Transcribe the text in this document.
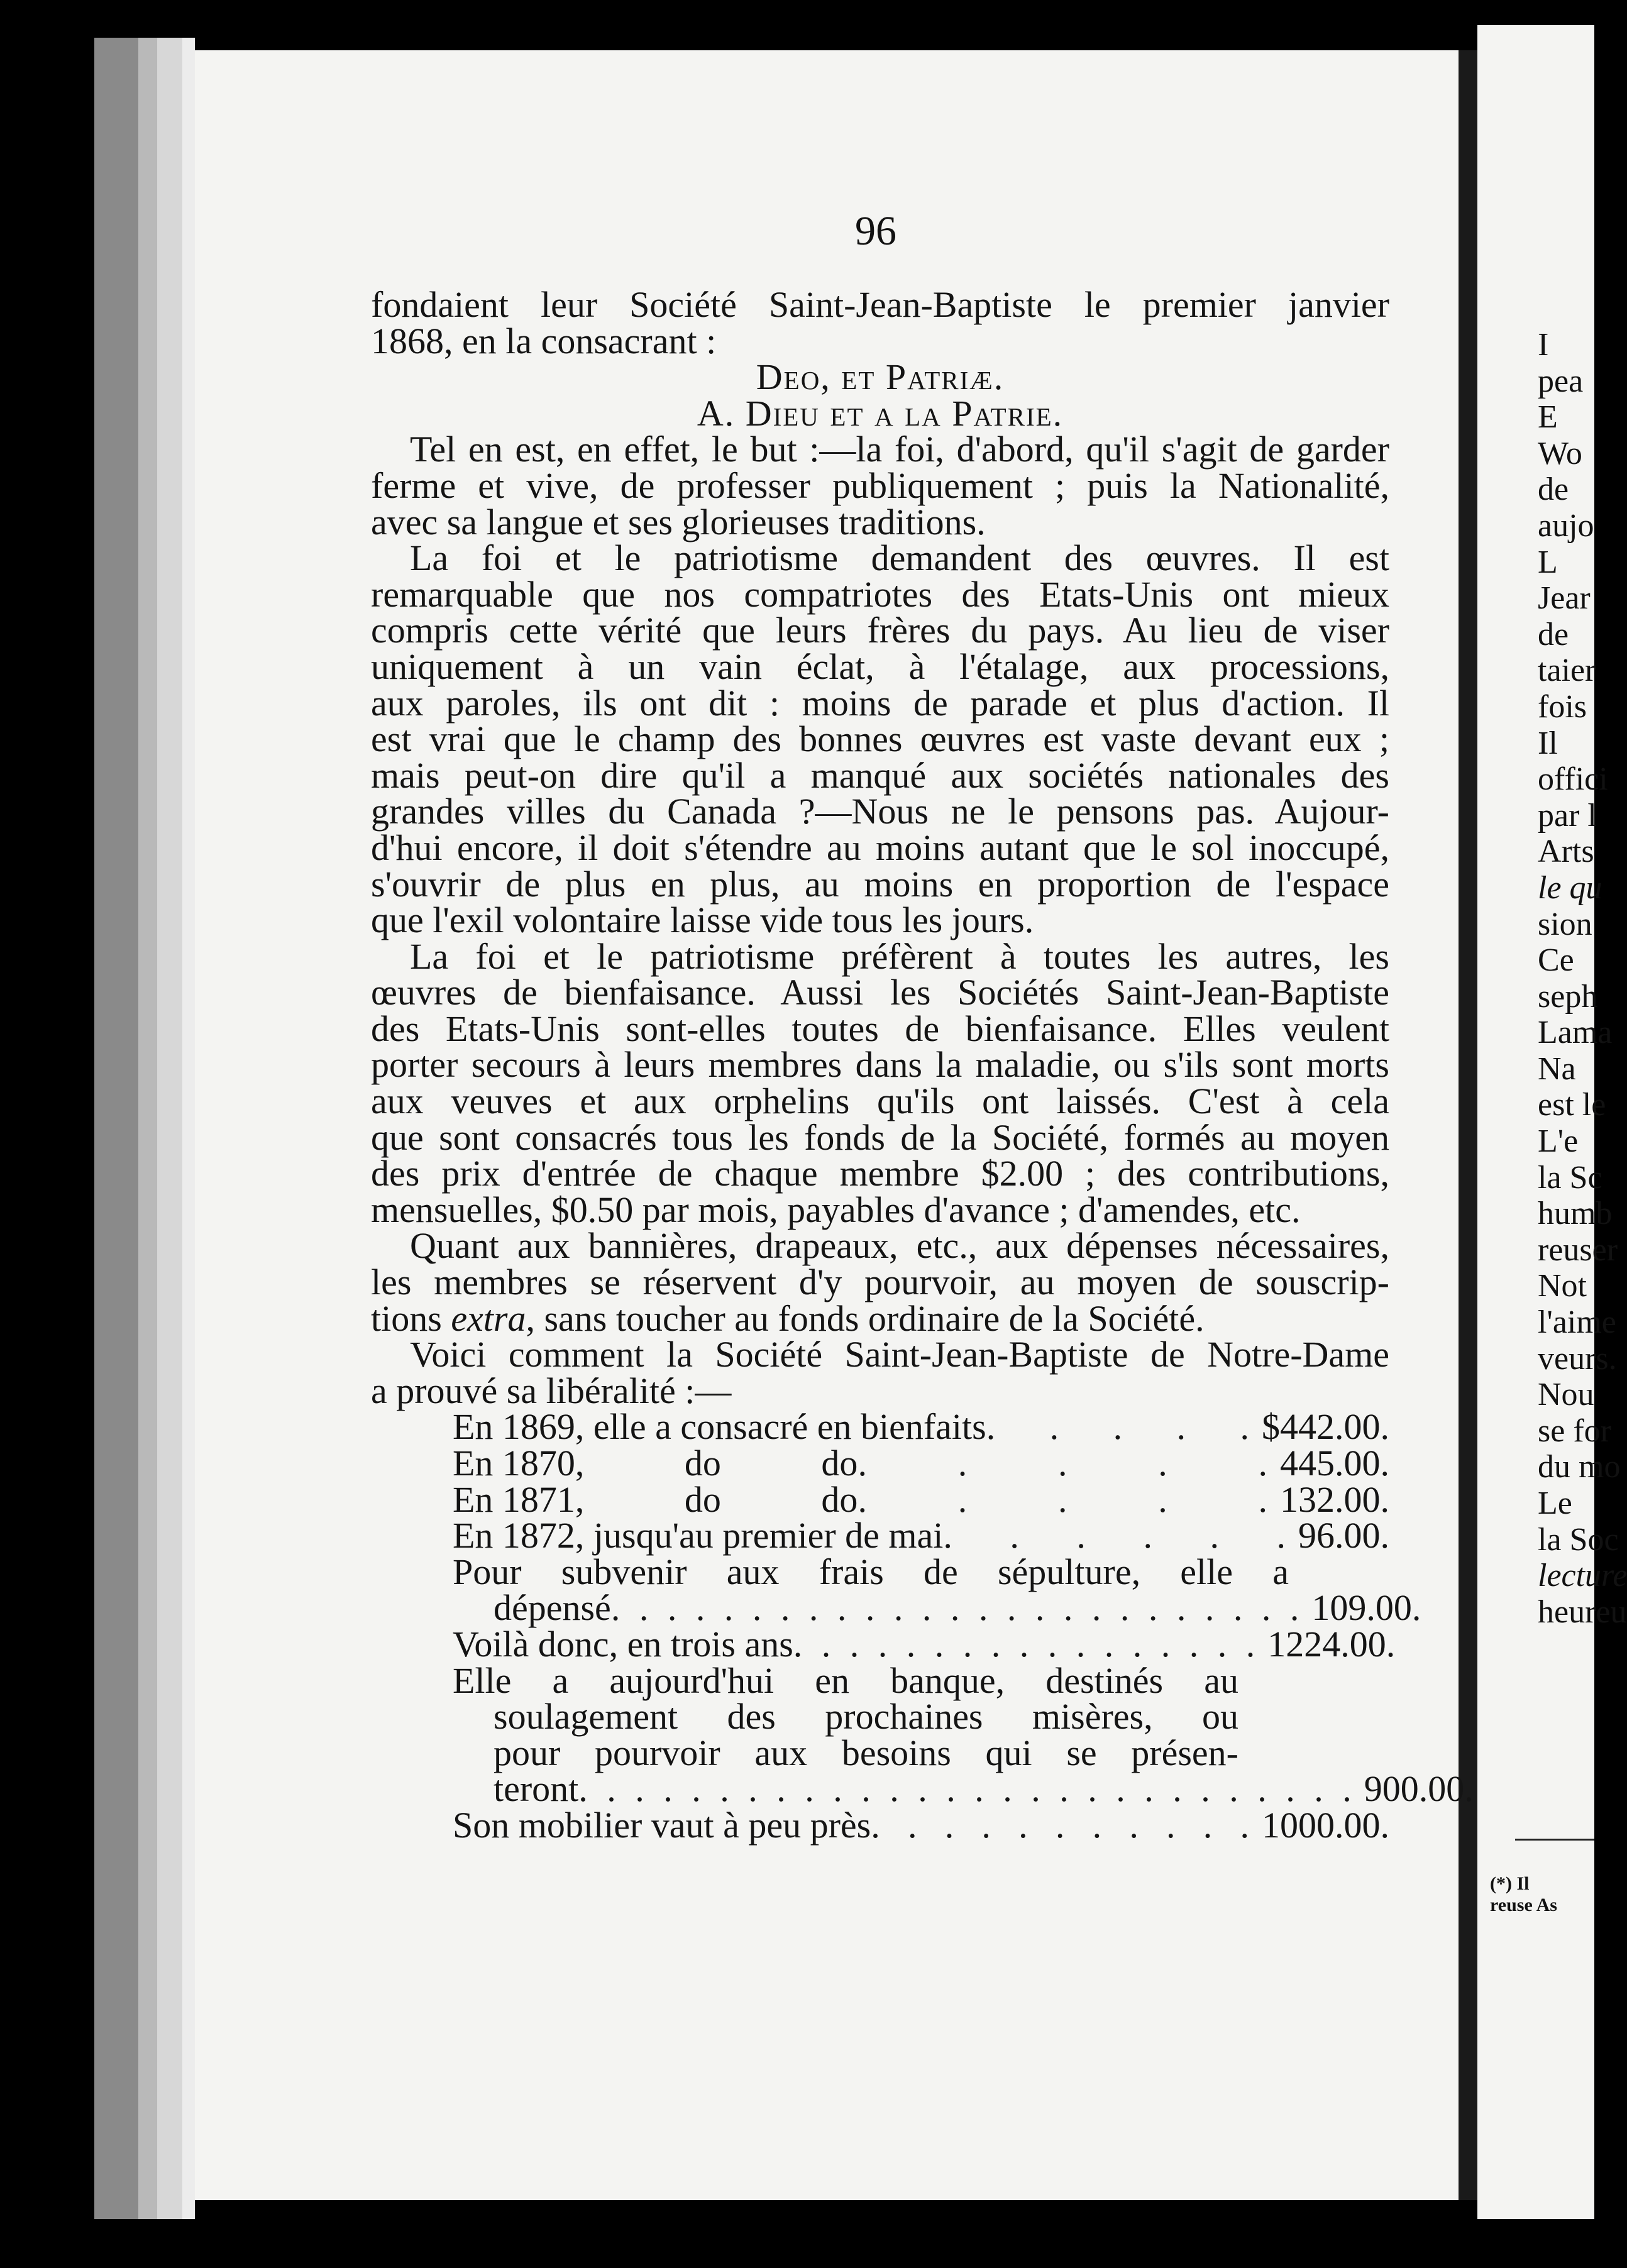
96
fondaient leur Société Saint-Jean-Baptiste le premier janvier
1868, en la consacrant :
Deo, et Patriæ.
A. Dieu et a la Patrie.
Tel en est, en effet, le but :—la foi, d'abord, qu'il s'agit de garder
ferme et vive, de professer publiquement ; puis la Nationalité,
avec sa langue et ses glorieuses traditions.
La foi et le patriotisme demandent des œuvres. Il est
remarquable que nos compatriotes des Etats-Unis ont mieux
compris cette vérité que leurs frères du pays. Au lieu de viser
uniquement à un vain éclat, à l'étalage, aux processions,
aux paroles, ils ont dit : moins de parade et plus d'action. Il
est vrai que le champ des bonnes œuvres est vaste devant eux ;
mais peut-on dire qu'il a manqué aux sociétés nationales des
grandes villes du Canada ?—Nous ne le pensons pas. Aujour-
d'hui encore, il doit s'étendre au moins autant que le sol inoccupé,
s'ouvrir de plus en plus, au moins en proportion de l'espace
que l'exil volontaire laisse vide tous les jours.
La foi et le patriotisme préfèrent à toutes les autres, les
œuvres de bienfaisance. Aussi les Sociétés Saint-Jean-Baptiste
des Etats-Unis sont-elles toutes de bienfaisance. Elles veulent
porter secours à leurs membres dans la maladie, ou s'ils sont morts
aux veuves et aux orphelins qu'ils ont laissés. C'est à cela
que sont consacrés tous les fonds de la Société, formés au moyen
des prix d'entrée de chaque membre $2.00 ; des contributions,
mensuelles, $0.50 par mois, payables d'avance ; d'amendes, etc.
Quant aux bannières, drapeaux, etc., aux dépenses nécessaires,
les membres se réservent d'y pourvoir, au moyen de souscrip-
tions extra, sans toucher au fonds ordinaire de la Société.
Voici comment la Société Saint-Jean-Baptiste de Notre-Dame
a prouvé sa libéralité :—
En 1869, elle a consacré en bienfaits . . . . . $442.00.
En 1870,           do           do . . . . . 445.00.
En 1871,           do           do . . . . . 132.00.
En 1872, jusqu'au premier de mai . . . . . . 96.00.
Pour subvenir aux frais de sépulture, elle a
dépensé . . . . . . . . . . . . . . . . . . . . . . . . . 109.00.
Voilà donc, en trois ans . . . . . . . . . . . . . . . . . 1224.00.
Elle a aujourd'hui en banque, destinés au
soulagement des prochaines misères, ou
pour pourvoir aux besoins qui se présen-
teront . . . . . . . . . . . . . . . . . . . . . . . . . . . . 900.00.
Son mobilier vaut à peu près . . . . . . . . . . . 1000.00.
I
pea
E
Wo
de
aujo
L
Jear
de
taier
fois
Il
offici
par l
Arts
le qu
sion
Ce
seph
Lama
Na
est le
L'e
la Sc
humb
reuser
Not
l'aime
veurs.
Nou
se for
du mo
Le
la Soc
lecture
heureu
(*) Il
reuse As
